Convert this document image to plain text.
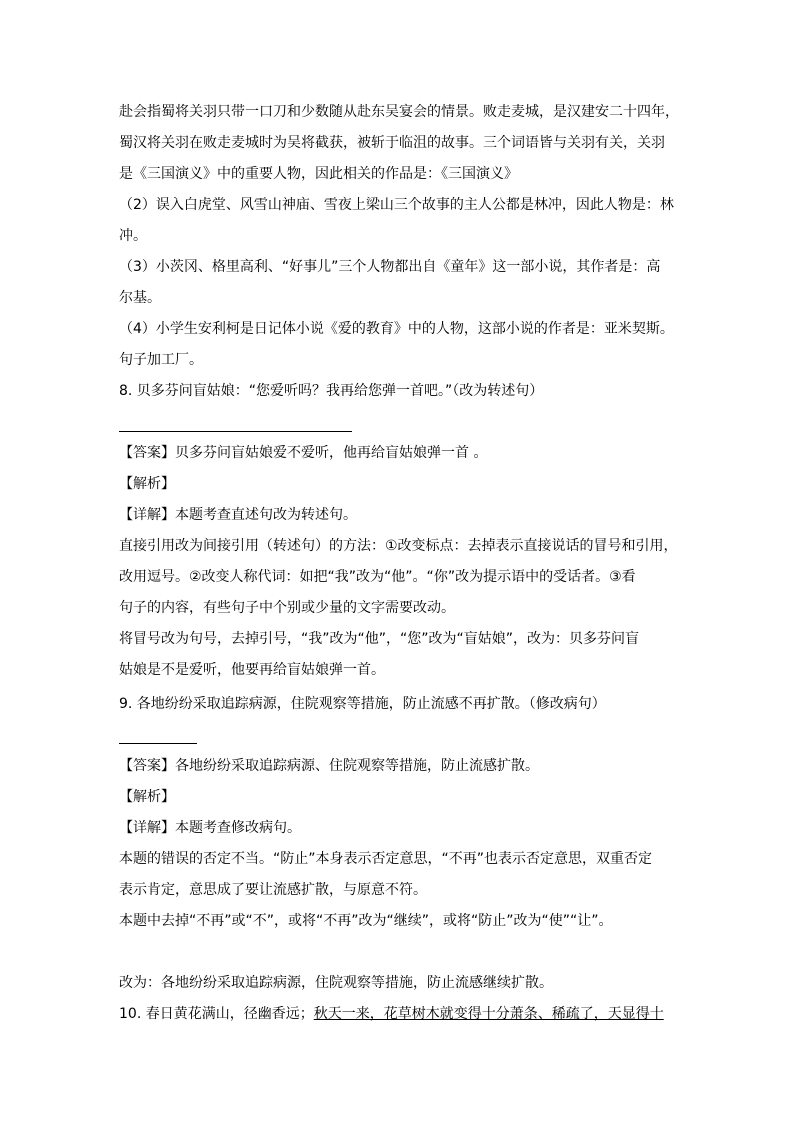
赴会指蜀将关羽只带一口刀和少数随从赴东吴宴会的情景。败走麦城，是汉建安二十四年，
蜀汉将关羽在败走麦城时为吴将截获，被斩于临沮的故事。三个词语皆与关羽有关，关羽
是《三国演义》中的重要人物，因此相关的作品是：《三国演义》
（2）误入白虎堂、风雪山神庙、雪夜上梁山三个故事的主人公都是林冲，因此人物是：林
冲。
（3）小茨冈、格里高利、“好事儿”三个人物都出自《童年》这一部小说，其作者是：高
尔基。
（4）小学生安利柯是日记体小说《爱的教育》中的人物，这部小说的作者是：亚米契斯。
句子加工厂。
8. 贝多芬问盲姑娘：“您爱听吗？我再给您弹一首吧。”（改为转述句）
【答案】贝多芬问盲姑娘爱不爱听，他再给盲姑娘弹一首 。
【解析】
【详解】本题考查直述句改为转述句。
直接引用改为间接引用（转述句）的方法：①改变标点：去掉表示直接说话的冒号和引用，
改用逗号。②改变人称代词：如把“我”改为“他”。“你”改为提示语中的受话者。③看
句子的内容，有些句子中个别或少量的文字需要改动。
将冒号改为句号，去掉引号，“我”改为“他”，“您”改为“盲姑娘”，改为：贝多芬问盲
姑娘是不是爱听，他要再给盲姑娘弹一首。
9. 各地纷纷采取追踪病源，住院观察等措施，防止流感不再扩散。（修改病句）
【答案】各地纷纷采取追踪病源、住院观察等措施，防止流感扩散。
【解析】
【详解】本题考查修改病句。
本题的错误的否定不当。“防止”本身表示否定意思，“不再”也表示否定意思，双重否定
表示肯定，意思成了要让流感扩散，与原意不符。
本题中去掉“不再”或“不”，或将“不再”改为“继续”，或将“防止”改为“使”“让”。
改为：各地纷纷采取追踪病源，住院观察等措施，防止流感继续扩散。
10. 春日黄花满山，径幽香远；秋天一来，花草树木就变得十分萧条、稀疏了，天显得十
